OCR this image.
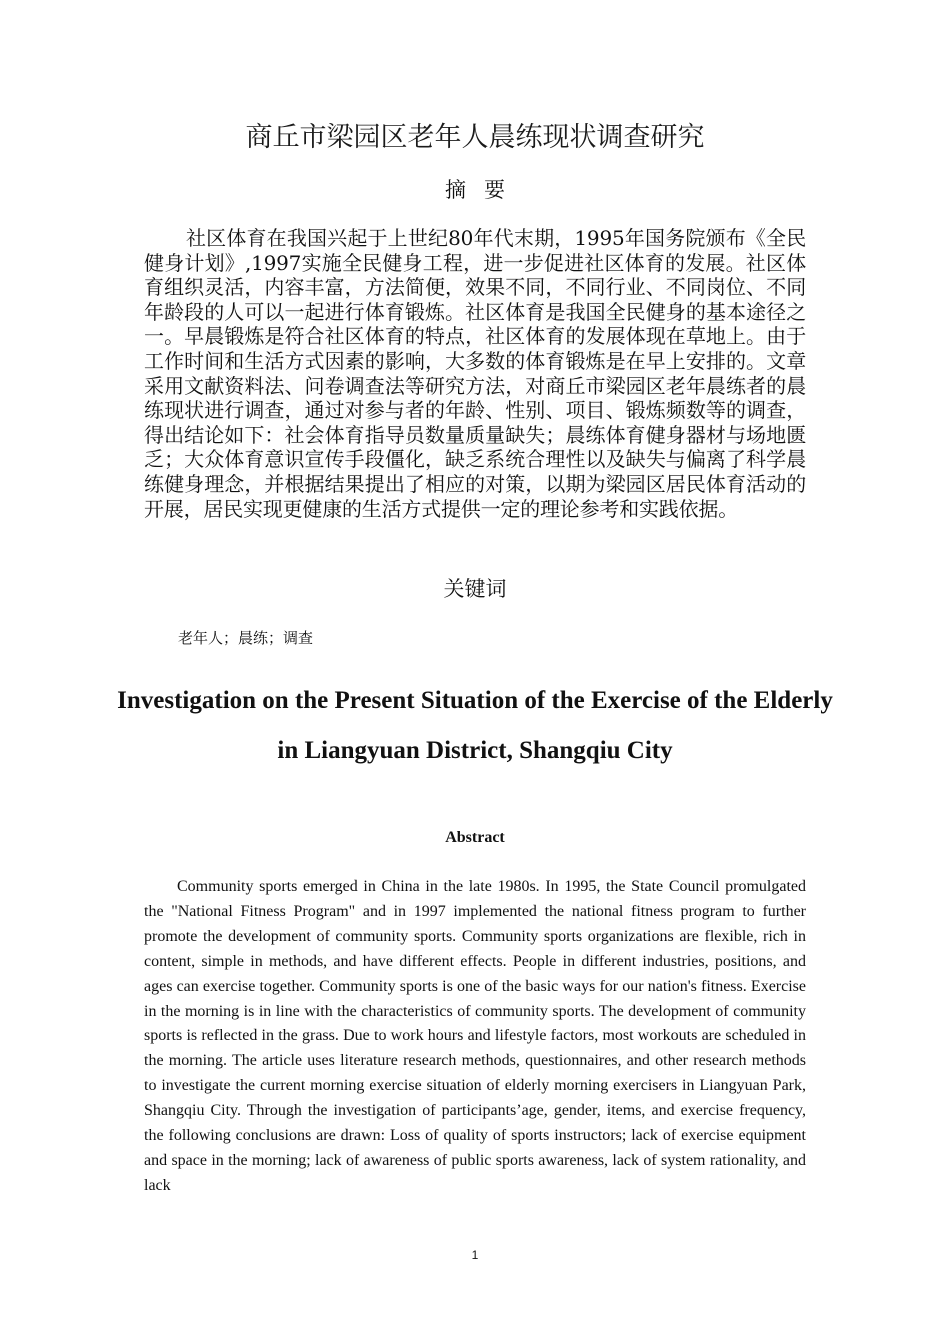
商丘市梁园区老年人晨练现状调查研究
摘要
社区体育在我国兴起于上世纪80年代末期，1995年国务院颁布《全民健身计划》,1997实施全民健身工程，进一步促进社区体育的发展。社区体育组织灵活，内容丰富，方法简便，效果不同，不同行业、不同岗位、不同年龄段的人可以一起进行体育锻炼。社区体育是我国全民健身的基本途径之一。早晨锻炼是符合社区体育的特点，社区体育的发展体现在草地上。由于工作时间和生活方式因素的影响，大多数的体育锻炼是在早上安排的。文章采用文献资料法、问卷调查法等研究方法，对商丘市梁园区老年晨练者的晨练现状进行调查，通过对参与者的年龄、性别、项目、锻炼频数等的调查，得出结论如下：社会体育指导员数量质量缺失；晨练体育健身器材与场地匮乏；大众体育意识宣传手段僵化，缺乏系统合理性以及缺失与偏离了科学晨练健身理念，并根据结果提出了相应的对策，以期为梁园区居民体育活动的开展，居民实现更健康的生活方式提供一定的理论参考和实践依据。
关键词
老年人；晨练；调查
Investigation on the Present Situation of the Exercise of the Elderly in Liangyuan District, Shangqiu City
Abstract
Community sports emerged in China in the late 1980s. In 1995, the State Council promulgated the "National Fitness Program" and in 1997 implemented the national fitness program to further promote the development of community sports. Community sports organizations are flexible, rich in content, simple in methods, and have different effects. People in different industries, positions, and ages can exercise together. Community sports is one of the basic ways for our nation's fitness. Exercise in the morning is in line with the characteristics of community sports. The development of community sports is reflected in the grass. Due to work hours and lifestyle factors, most workouts are scheduled in the morning. The article uses literature research methods, questionnaires, and other research methods to investigate the current morning exercise situation of elderly morning exercisers in Liangyuan Park, Shangqiu City. Through the investigation of participants’age, gender, items, and exercise frequency, the following conclusions are drawn: Loss of quality of sports instructors; lack of exercise equipment and space in the morning; lack of awareness of public sports awareness, lack of system rationality, and lack
1
